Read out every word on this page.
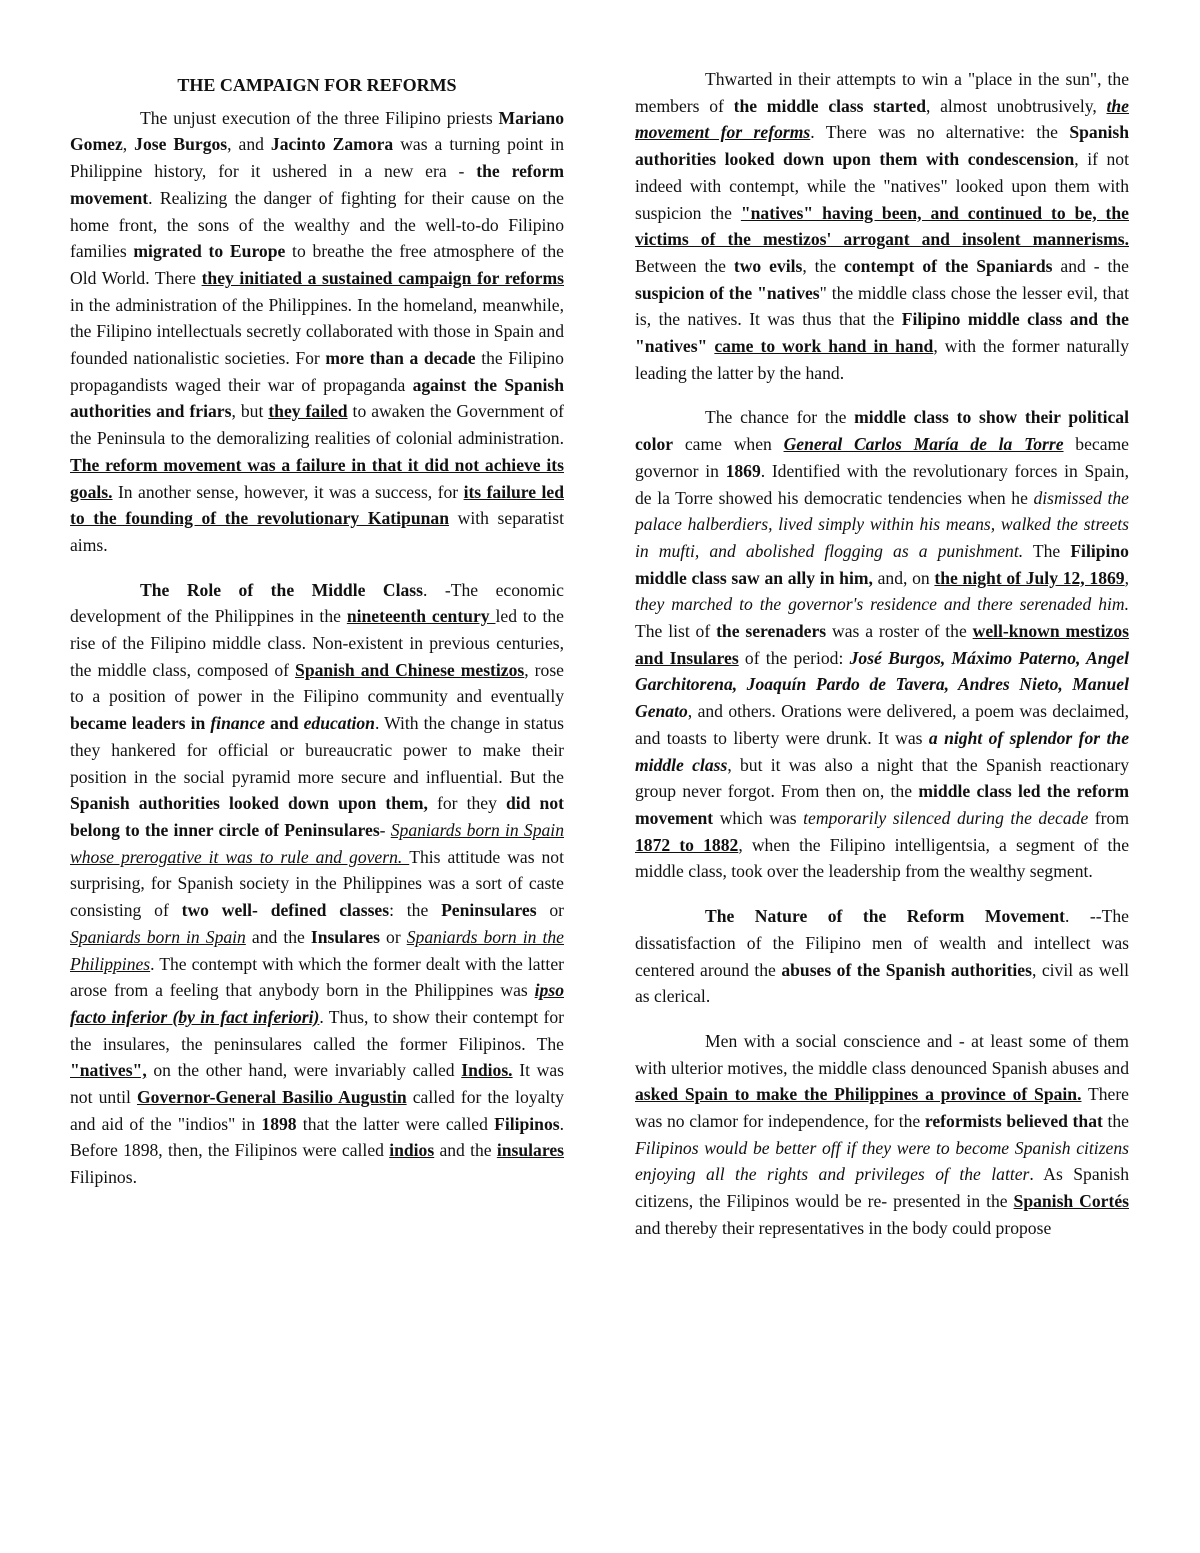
THE CAMPAIGN FOR REFORMS

The unjust execution of the three Filipino priests Mariano Gomez, Jose Burgos, and Jacinto Zamora was a turning point in Philippine history, for it ushered in a new era - the reform movement. Realizing the danger of fighting for their cause on the home front, the sons of the wealthy and the well-to-do Filipino families migrated to Europe to breathe the free atmosphere of the Old World. There they initiated a sustained campaign for reforms in the administration of the Philippines. In the homeland, meanwhile, the Filipino intellectuals secretly collaborated with those in Spain and founded nationalistic societies. For more than a decade the Filipino propagandists waged their war of propaganda against the Spanish authorities and friars, but they failed to awaken the Government of the Peninsula to the demoralizing realities of colonial administration. The reform movement was a failure in that it did not achieve its goals. In another sense, however, it was a success, for its failure led to the founding of the revolutionary Katipunan with separatist aims.

The Role of the Middle Class. -The economic development of the Philippines in the nineteenth century led to the rise of the Filipino middle class. Non-existent in previous centuries, the middle class, composed of Spanish and Chinese mestizos, rose to a position of power in the Filipino community and eventually became leaders in finance and education. With the change in status they hankered for official or bureaucratic power to make their position in the social pyramid more secure and influential. But the Spanish authorities looked down upon them, for they did not belong to the inner circle of Peninsulares- Spaniards born in Spain whose prerogative it was to rule and govern. This attitude was not surprising, for Spanish society in the Philippines was a sort of caste consisting of two well- defined classes: the Peninsulares or Spaniards born in Spain and the Insulares or Spaniards born in the Philippines. The contempt with which the former dealt with the latter arose from a feeling that anybody born in the Philippines was ipso facto inferior (by in fact inferiori). Thus, to show their contempt for the insulares, the peninsulares called the former Filipinos. The "natives", on the other hand, were invariably called Indios. It was not until Governor-General Basilio Augustin called for the loyalty and aid of the "indios" in 1898 that the latter were called Filipinos. Before 1898, then, the Filipinos were called indios and the insulares Filipinos.

Thwarted in their attempts to win a "place in the sun", the members of the middle class started, almost unobtrusively, the movement for reforms. There was no alternative: the Spanish authorities looked down upon them with condescension, if not indeed with contempt, while the "natives" looked upon them with suspicion the "natives" having been, and continued to be, the victims of the mestizos' arrogant and insolent mannerisms. Between the two evils, the contempt of the Spaniards and - the suspicion of the "natives" the middle class chose the lesser evil, that is, the natives. It was thus that the Filipino middle class and the "natives" came to work hand in hand, with the former naturally leading the latter by the hand.

The chance for the middle class to show their political color came when General Carlos María de la Torre became governor in 1869. Identified with the revolutionary forces in Spain, de la Torre showed his democratic tendencies when he dismissed the palace halberdiers, lived simply within his means, walked the streets in mufti, and abolished flogging as a punishment. The Filipino middle class saw an ally in him, and, on the night of July 12, 1869, they marched to the governor's residence and there serenaded him. The list of the serenaders was a roster of the well-known mestizos and Insulares of the period: José Burgos, Máximo Paterno, Angel Garchitorena, Joaquín Pardo de Tavera, Andres Nieto, Manuel Genato, and others. Orations were delivered, a poem was declaimed, and toasts to liberty were drunk. It was a night of splendor for the middle class, but it was also a night that the Spanish reactionary group never forgot. From then on, the middle class led the reform movement which was temporarily silenced during the decade from 1872 to 1882, when the Filipino intelligentsia, a segment of the middle class, took over the leadership from the wealthy segment.

The Nature of the Reform Movement. --The dissatisfaction of the Filipino men of wealth and intellect was centered around the abuses of the Spanish authorities, civil as well as clerical.

Men with a social conscience and - at least some of them with ulterior motives, the middle class denounced Spanish abuses and asked Spain to make the Philippines a province of Spain. There was no clamor for independence, for the reformists believed that the Filipinos would be better off if they were to become Spanish citizens enjoying all the rights and privileges of the latter. As Spanish citizens, the Filipinos would be re- presented in the Spanish Cortés and thereby their representatives in the body could propose
